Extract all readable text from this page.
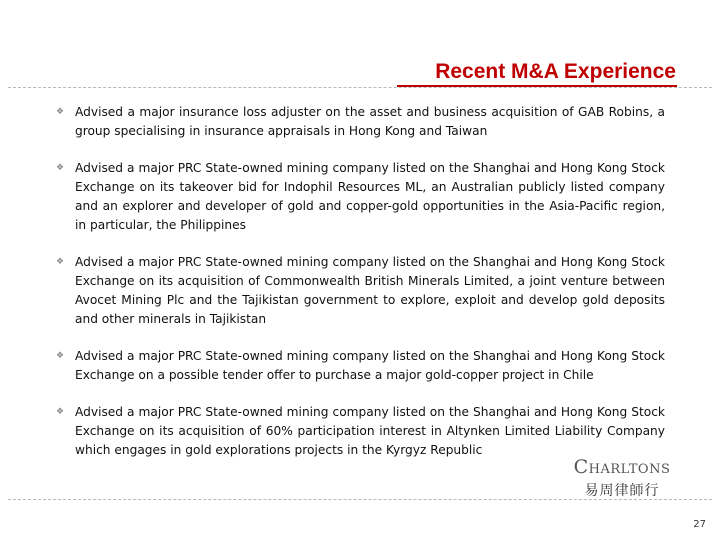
Recent M&A Experience
❖ Advised a major insurance loss adjuster on the asset and business acquisition of GAB Robins, a group specialising in insurance appraisals in Hong Kong and Taiwan
❖ Advised a major PRC State-owned mining company listed on the Shanghai and Hong Kong Stock Exchange on its takeover bid for Indophil Resources ML, an Australian publicly listed company and an explorer and developer of gold and copper-gold opportunities in the Asia-Pacific region, in particular, the Philippines
❖ Advised a major PRC State-owned mining company listed on the Shanghai and Hong Kong Stock Exchange on its acquisition of Commonwealth British Minerals Limited, a joint venture between Avocet Mining Plc and the Tajikistan government to explore, exploit and develop gold deposits and other minerals in Tajikistan
❖ Advised a major PRC State-owned mining company listed on the Shanghai and Hong Kong Stock Exchange on a possible tender offer to purchase a major gold-copper project in Chile
❖ Advised a major PRC State-owned mining company listed on the Shanghai and Hong Kong Stock Exchange on its acquisition of 60% participation interest in Altynken Limited Liability Company which engages in gold explorations projects in the Kyrgyz Republic
Charltons
易周律師行
27
